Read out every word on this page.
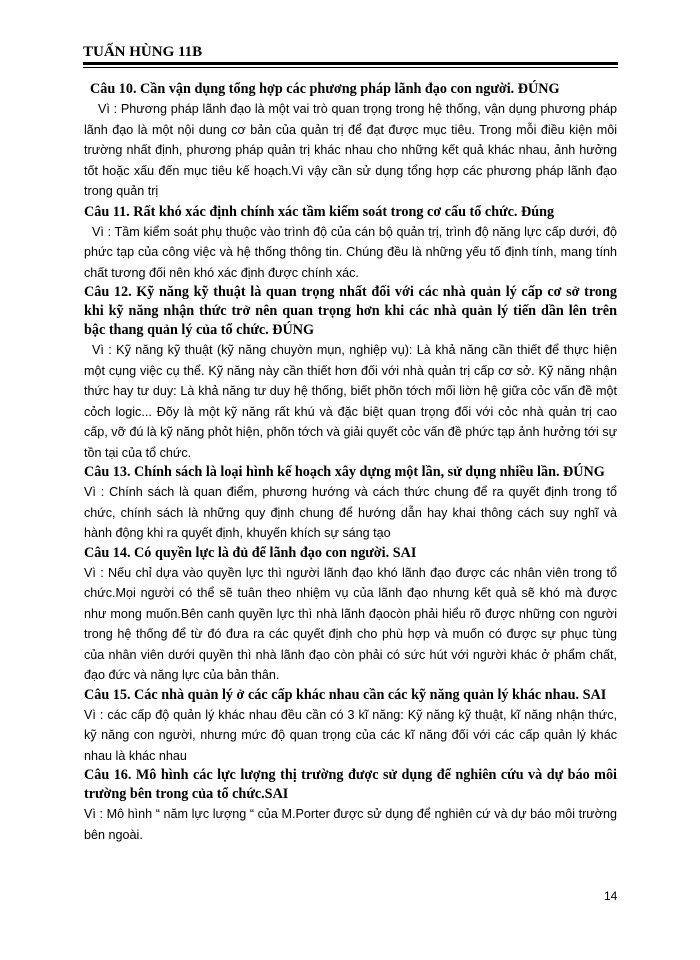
TUẤN HÙNG 11B

Câu 10. Cần vận dụng tổng hợp các phương pháp lãnh đạo con người. ĐÚNG

Vì : Phương pháp lãnh đạo là một vai trò quan trọng trong hệ thống, vận dụng phương pháp lãnh đạo là một nội dung cơ bản của quản trị để đạt được mục tiêu. Trong mỗi điều kiện môi trường nhất định, phương pháp quản trị khác nhau cho những kết quả khác nhau, ảnh hưởng tốt hoặc xấu đến mục tiêu kế hoạch.Vì vậy cần sử dụng tổng hợp các phương pháp lãnh đạo trong quản trị

Câu 11. Rất khó xác định chính xác tầm kiểm soát trong cơ cấu tổ chức. Đúng

Vì : Tầm kiểm soát phụ thuộc vào trình độ của cán bộ quản trị, trình độ năng lực cấp dưới, độ phức tạp của công việc và hệ thống thông tin. Chúng đều là những yếu tố định tính, mang tính chất tương đối nên khó xác định được chính xác.

Câu 12. Kỹ năng kỹ thuật là quan trọng nhất đối với các nhà quản lý cấp cơ sở trong khi kỹ năng nhận thức trở nên quan trọng hơn khi các nhà quản lý tiến dần lên trên bậc thang quản lý của tổ chức. ĐÚNG

Vì : Kỹ năng kỹ thuật (kỹ năng chuyờn mụn, nghiệp vụ): Là khả năng cần thiết để thực hiện một cụng việc cụ thể. Kỹ năng này cần thiết hơn đối với nhà quản trị cấp cơ sở. Kỹ năng nhận thức hay tư duy: Là khả năng tư duy hệ thống, biết phõn tớch mối liờn hệ giữa cỏc vấn đề một cỏch logic... Đõy là một kỹ năng rất khú và đặc biệt quan trọng đối với cỏc nhà quản trị cao cấp, vỡ đú là kỹ năng phỏt hiện, phõn tớch và giải quyết cỏc vấn đề phức tạp ảnh hưởng tới sự tồn tại của tổ chức.

Câu 13. Chính sách là loại hình kế hoạch xây dựng một lần, sử dụng nhiều lần. ĐÚNG

Vì : Chính sách là quan điểm, phương hướng và cách thức chung để ra quyết định trong tổ chức, chính sách là những quy định chung để hướng dẫn hay khai thông cách suy nghĩ và hành động khi ra quyết định, khuyến khích sự sáng tạo

Câu 14. Có quyền lực là đủ để lãnh đạo con người. SAI

Vì : Nếu chỉ dựa vào quyền lực thì người lãnh đạo khó lãnh đạo được các nhân viên trong tổ chức.Mọi người có thể sẽ tuân theo nhiệm vụ của lãnh đạo nhưng kết quả sẽ khó mà được như mong muốn.Bên canh quyền lực thì nhà lãnh đạocòn phải hiểu rõ được những con người trong hệ thống để từ đó đưa ra các quyết định cho phù hợp và muốn có được sự phục tùng của nhân viên dưới quyền thì nhà lãnh đạo còn phải có sức hút với người khác ở phẩm chất, đạo đức và năng lực của bản thân.

Câu 15. Các nhà quản lý ở các cấp khác nhau cần các kỹ năng quản lý khác nhau. SAI

Vì : các cấp độ quản lý khác nhau đều cần có 3 kĩ năng: Kỹ năng kỹ thuật, kĩ năng nhận thức, kỹ năng con người, nhưng mức độ quan trọng của các kĩ năng đối với các cấp quản lý khác nhau là khác nhau

Câu 16. Mô hình các lực lượng thị trường được sử dụng để nghiên cứu và dự báo môi trường bên trong của tổ chức.SAI

Vì : Mô hình “ năm lực lượng “ của M.Porter được sử dụng để nghiên cứ và dự báo môi trường bên ngoài.

14
